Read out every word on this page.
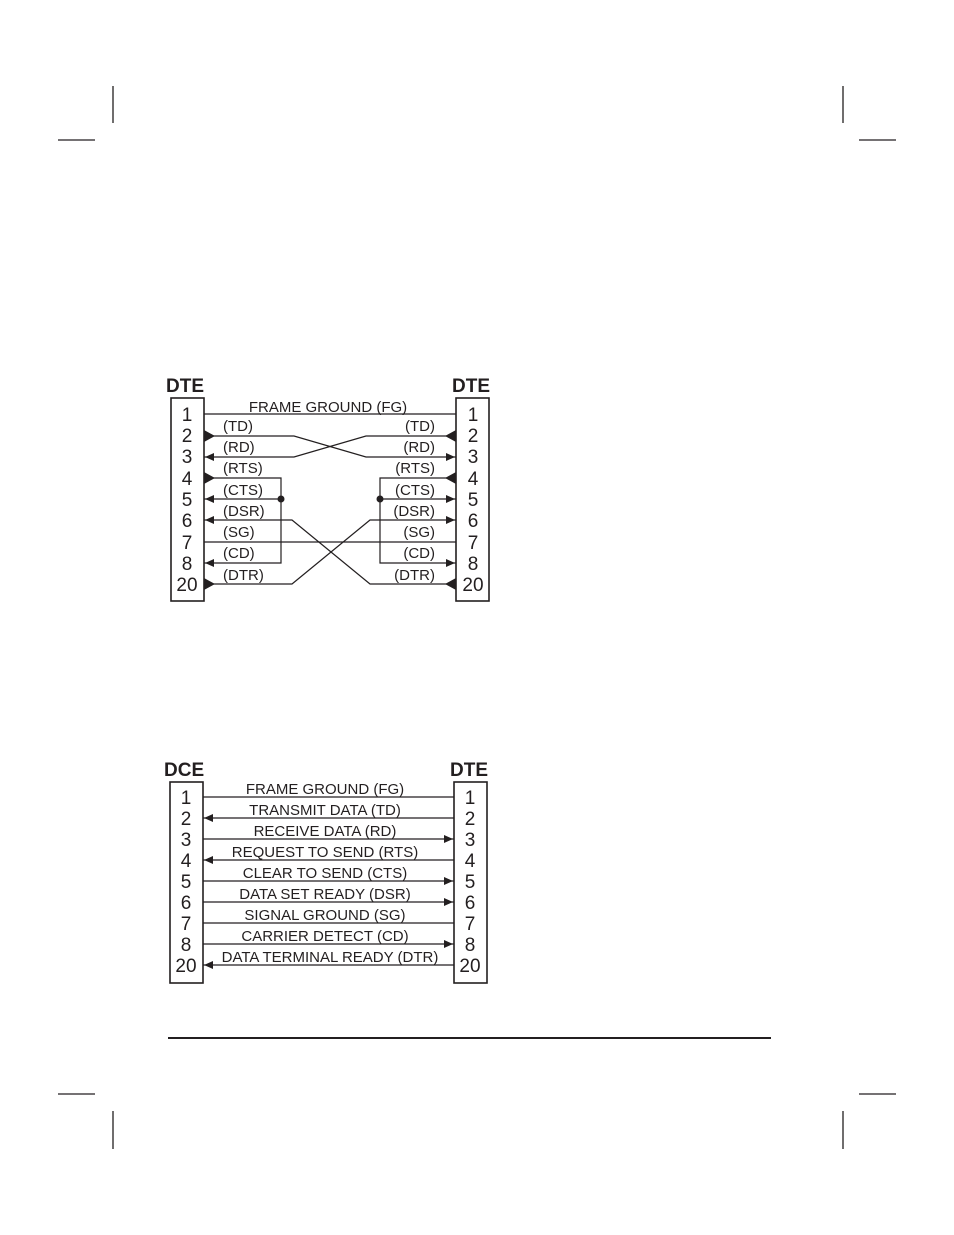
DTE	DTE
1
2
3
4
5
6
7
8
20
1
2
3
4
5
6
7
8
20
FRAME GROUND (FG)
(TD)
(RD)
(RTS)
(CTS)
(DSR)
(SG)
(CD)
(DTR)
(TD)
(RD)
(RTS)
(CTS)
(DSR)
(SG)
(CD)
(DTR)
DCE	DTE
1
2
3
4
5
6
7
8
20
1
2
3
4
5
6
7
8
20
FRAME GROUND (FG)
TRANSMIT DATA (TD)
RECEIVE DATA (RD)
REQUEST TO SEND (RTS)
CLEAR TO SEND (CTS)
DATA SET READY (DSR)
SIGNAL GROUND (SG)
CARRIER DETECT (CD)
DATA TERMINAL READY (DTR)
